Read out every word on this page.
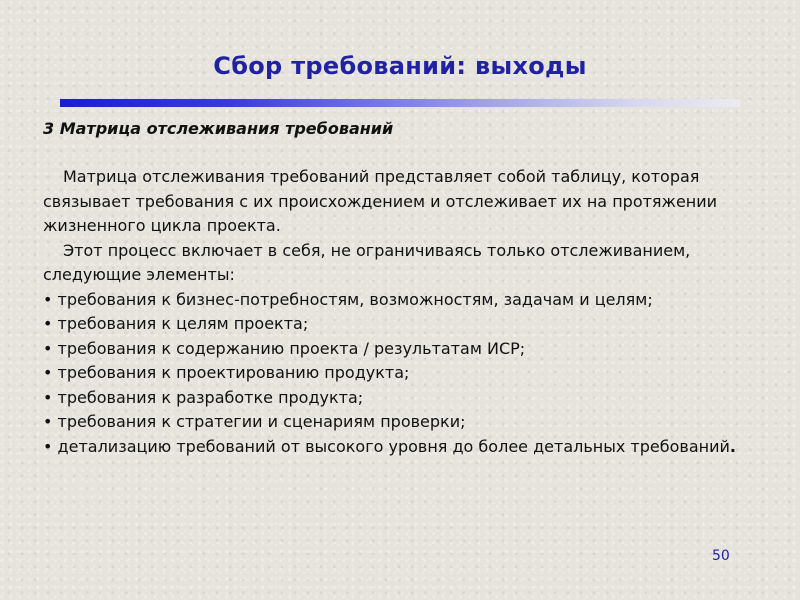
Сбор требований: выходы
3 Матрица отслеживания требований

Матрица отслеживания требований представляет собой таблицу, которая связывает требования с их происхождением и отслеживает их на протяжении жизненного цикла проекта.

Этот процесс включает в себя, не ограничиваясь только отслеживанием, следующие элементы:

• требования к бизнес-потребностям, возможностям, задачам и целям;
• требования к целям проекта;
• требования к содержанию проекта / результатам ИСР;
• требования к проектированию продукта;
• требования к разработке продукта;
• требования к стратегии и сценариям проверки;
• детализацию требований от высокого уровня до более детальных требований.
50
